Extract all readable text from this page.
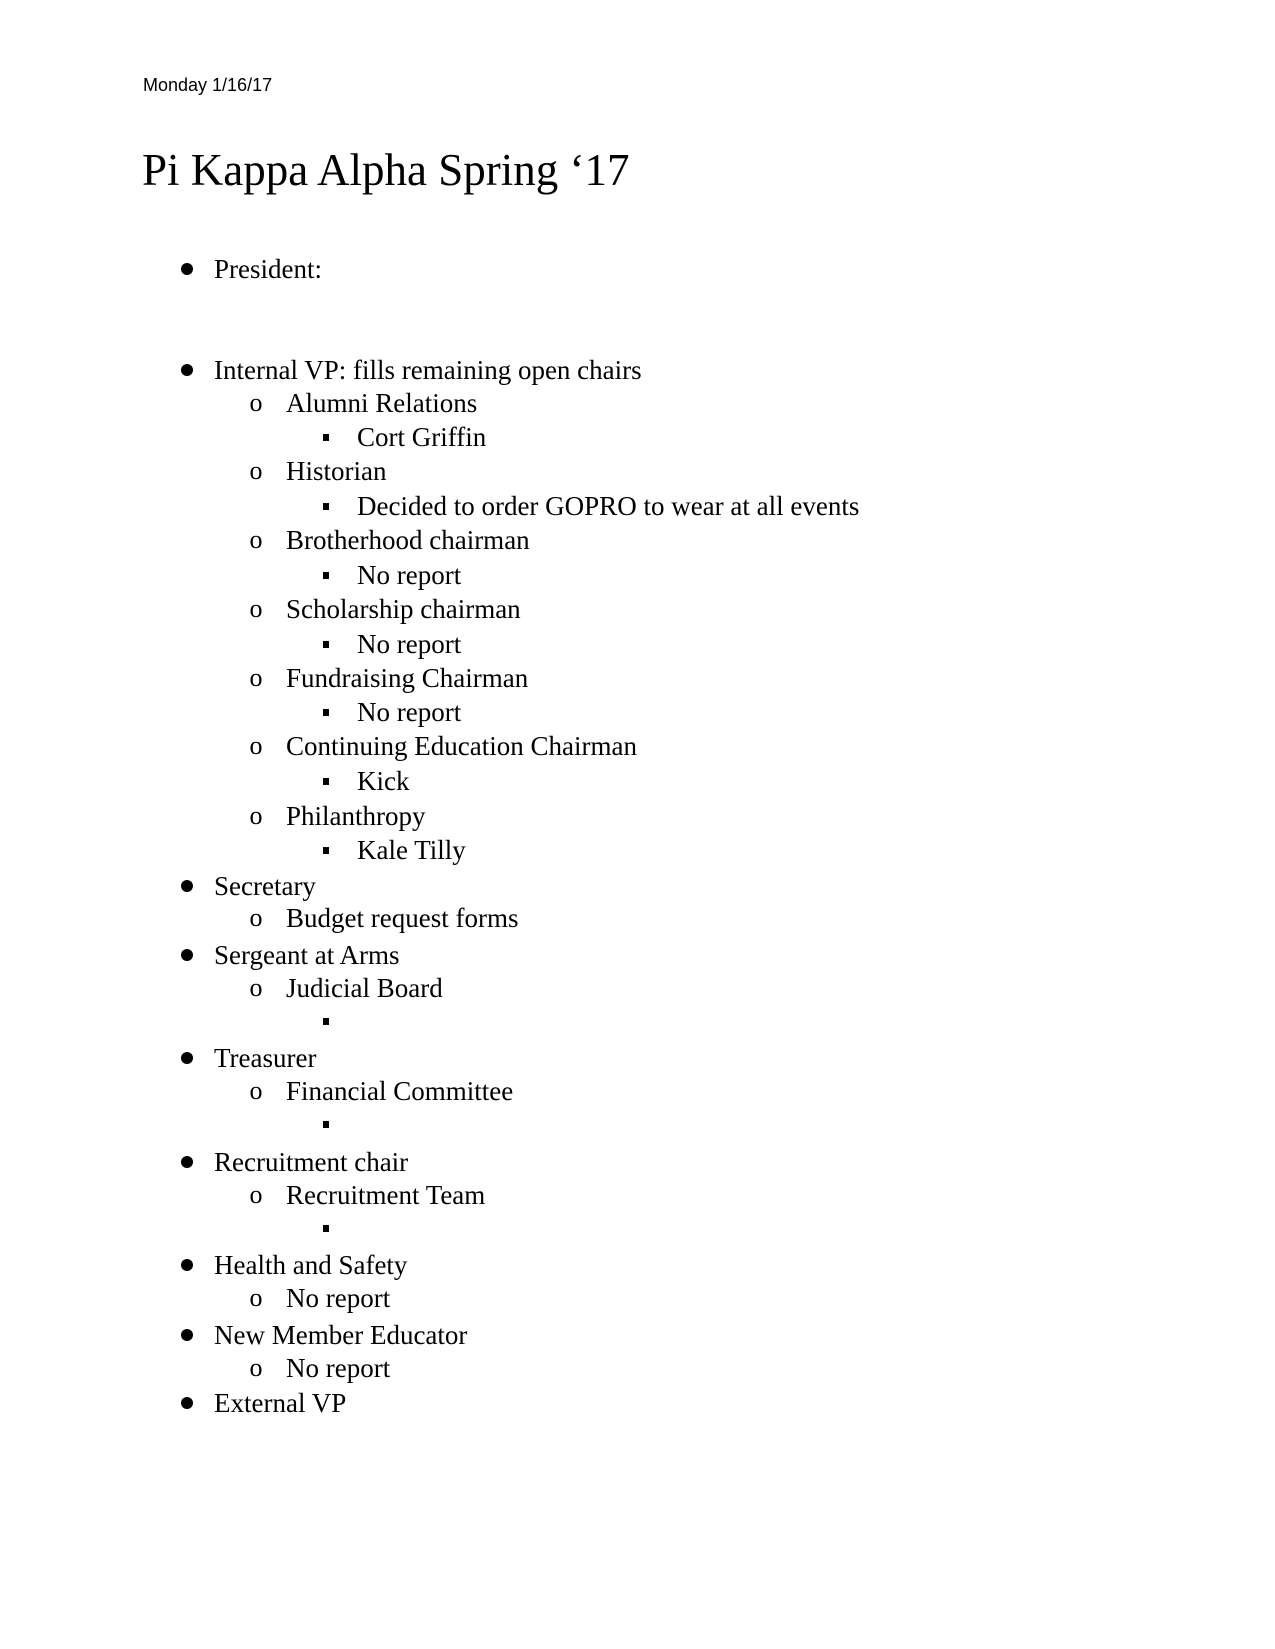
Monday 1/16/17
Pi Kappa Alpha Spring ‘17
President:
Internal VP: fills remaining open chairs
o Alumni Relations
Cort Griffin
o Historian
Decided to order GOPRO to wear at all events
o Brotherhood chairman
No report
o Scholarship chairman
No report
o Fundraising Chairman
No report
o Continuing Education Chairman
Kick
o Philanthropy
Kale Tilly
Secretary
o Budget request forms
Sergeant at Arms
o Judicial Board
Treasurer
o Financial Committee
Recruitment chair
o Recruitment Team
Health and Safety
o No report
New Member Educator
o No report
External VP
